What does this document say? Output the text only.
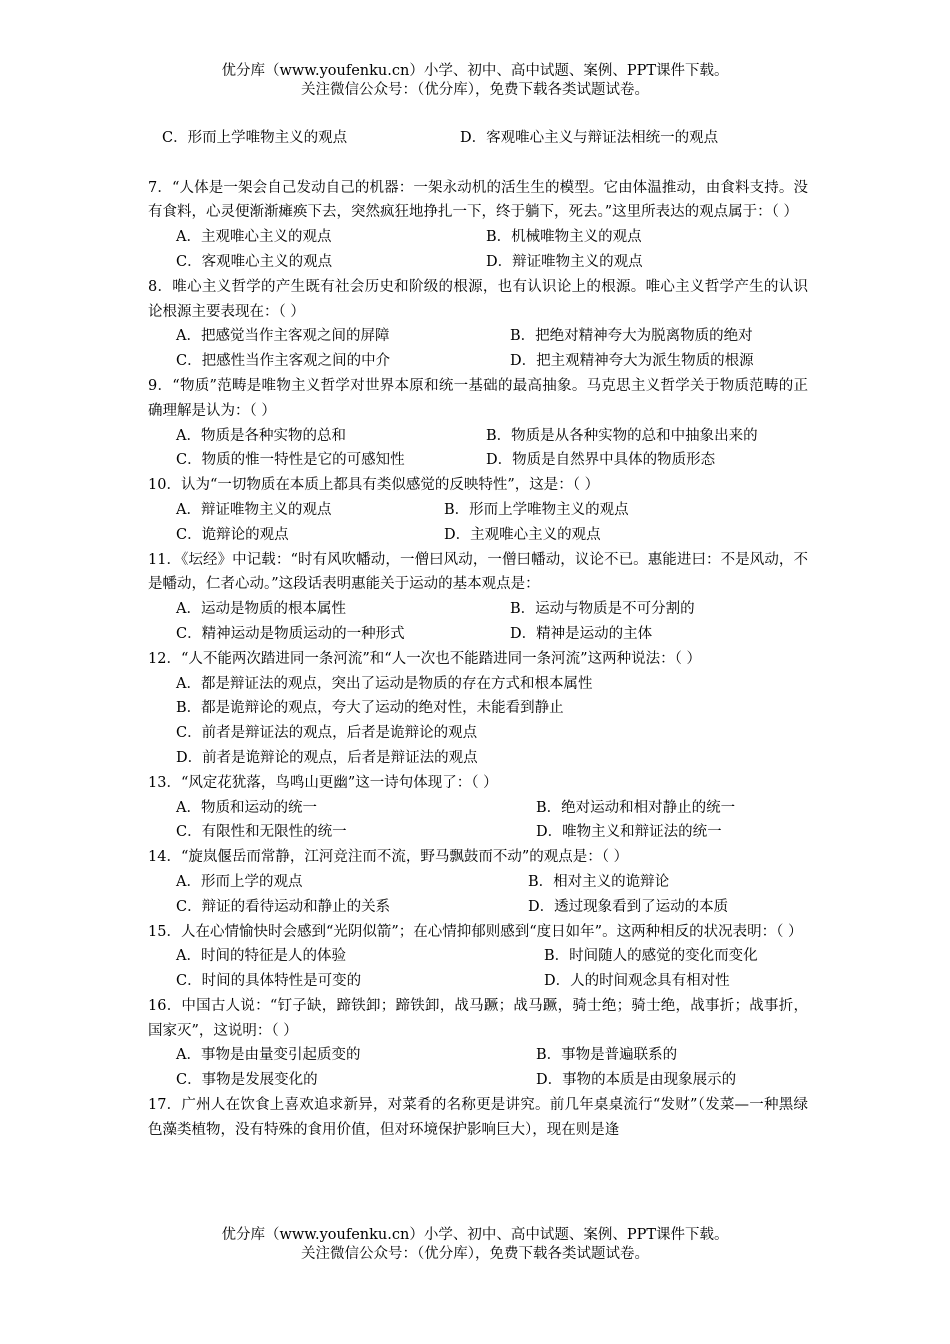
优分库（www.youfenku.cn）小学、初中、高中试题、案例、PPT课件下载。
关注微信公众号：（优分库），免费下载各类试题试卷。
C．形而上学唯物主义的观点	D．客观唯心主义与辩证法相统一的观点
7．“人体是一架会自己发动自己的机器：一架永动机的活生生的模型。它由体温推动，由食料支持。没有食料，心灵便渐渐瘫痪下去，突然疯狂地挣扎一下，终于躺下，死去。”这里所表达的观点属于：（ ）
A．主观唯心主义的观点	B．机械唯物主义的观点
C．客观唯心主义的观点	D．辩证唯物主义的观点
8．唯心主义哲学的产生既有社会历史和阶级的根源，也有认识论上的根源。唯心主义哲学产生的认识论根源主要表现在：（ ）
A．把感觉当作主客观之间的屏障	B．把绝对精神夸大为脱离物质的绝对
C．把感性当作主客观之间的中介	D．把主观精神夸大为派生物质的根源
9．“物质”范畴是唯物主义哲学对世界本原和统一基础的最高抽象。马克思主义哲学关于物质范畴的正确理解是认为：（ ）
A．物质是各种实物的总和	B．物质是从各种实物的总和中抽象出来的
C．物质的惟一特性是它的可感知性	D．物质是自然界中具体的物质形态
10．认为“一切物质在本质上都具有类似感觉的反映特性”，这是：（ ）
A．辩证唯物主义的观点	B．形而上学唯物主义的观点
C．诡辩论的观点	D．主观唯心主义的观点
11．《坛经》中记载：“时有风吹幡动，一僧曰风动，一僧曰幡动，议论不已。惠能进曰：不是风动，不是幡动，仁者心动。”这段话表明惠能关于运动的基本观点是：
A．运动是物质的根本属性	B．运动与物质是不可分割的
C．精神运动是物质运动的一种形式	D．精神是运动的主体
12．“人不能两次踏进同一条河流”和“人一次也不能踏进同一条河流”这两种说法：（ ）
A．都是辩证法的观点，突出了运动是物质的存在方式和根本属性
B．都是诡辩论的观点，夸大了运动的绝对性，未能看到静止
C．前者是辩证法的观点，后者是诡辩论的观点
D．前者是诡辩论的观点，后者是辩证法的观点
13．“风定花犹落，鸟鸣山更幽”这一诗句体现了：（ ）
A．物质和运动的统一	B．绝对运动和相对静止的统一
C．有限性和无限性的统一	D．唯物主义和辩证法的统一
14．“旋岚偃岳而常静，江河竞注而不流，野马飘鼓而不动”的观点是：（ ）
A．形而上学的观点	B．相对主义的诡辩论
C．辩证的看待运动和静止的关系	D．透过现象看到了运动的本质
15．人在心情愉快时会感到“光阴似箭”；在心情抑郁则感到“度日如年”。这两种相反的状况表明：（ ）
A．时间的特征是人的体验	B．时间随人的感觉的变化而变化
C．时间的具体特性是可变的	D．人的时间观念具有相对性
16．中国古人说：“钉子缺，蹄铁卸；蹄铁卸，战马蹶；战马蹶，骑士绝；骑士绝，战事折；战事折，国家灭”，这说明：（ ）
A．事物是由量变引起质变的	B．事物是普遍联系的
C．事物是发展变化的	D．事物的本质是由现象展示的
17．广州人在饮食上喜欢追求新异，对菜肴的名称更是讲究。前几年桌桌流行“发财”（发菜—一种黑绿色藻类植物，没有特殊的食用价值，但对环境保护影响巨大），现在则是逢
优分库（www.youfenku.cn）小学、初中、高中试题、案例、PPT课件下载。
关注微信公众号：（优分库），免费下载各类试题试卷。
